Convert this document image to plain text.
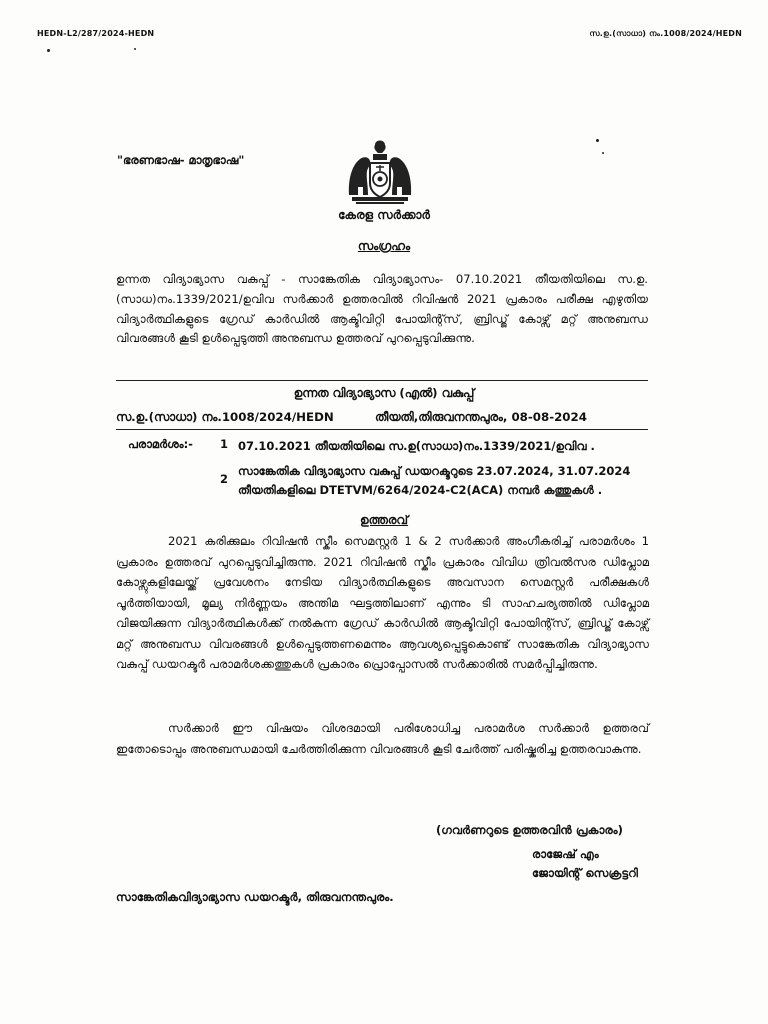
HEDN-L2/287/2024-HEDN	സ.ഉ.(സാധാ) നം.1008/2024/HEDN
"ഭരണഭാഷ- മാതൃഭാഷ"
കേരള സർക്കാർ
സംഗ്രഹം
ഉന്നത വിദ്യാഭ്യാസ വകുപ്പ് - സാങ്കേതിക വിദ്യാഭ്യാസം- 07.10.2021 തീയതിയിലെ സ.ഉ.(സാധ)നം.1339/2021/ഉവിവ സർക്കാർ ഉത്തരവിൽ റിവിഷൻ 2021 പ്രകാരം പരീക്ഷ എഴുതിയ വിദ്യാർത്ഥികളുടെ ഗ്രേഡ് കാർഡിൽ ആക്ടിവിറ്റി പോയിന്റ്സ്, ബ്രിഡ്ജ് കോഴ്സ് മറ്റ് അനുബന്ധ വിവരങ്ങൾ കൂടി ഉൾപ്പെടുത്തി അനുബന്ധ ഉത്തരവ് പുറപ്പെടുവിക്കുന്നു.
ഉന്നത വിദ്യാഭ്യാസ (എൽ) വകുപ്പ്
സ.ഉ.(സാധാ) നം.1008/2024/HEDN	തീയതി,തിരുവനന്തപുരം, 08-08-2024
പരാമർശം:- 1 07.10.2021 തീയതിയിലെ സ.ഉ(സാധാ)നം.1339/2021/ഉവിവ .
2
സാങ്കേതിക വിദ്യാഭ്യാസ വകുപ്പ് ഡയറക്ടറുടെ 23.07.2024, 31.07.2024
തീയതികളിലെ DTETVM/6264/2024-C2(ACA) നമ്പർ കത്തുകൾ .
ഉത്തരവ്
2021 കരിക്കുലം റിവിഷൻ സ്കീം സെമസ്റ്റർ 1 & 2 സർക്കാർ അംഗീകരിച്ച് പരാമർശം 1 പ്രകാരം ഉത്തരവ് പുറപ്പെടുവിച്ചിരുന്നു. 2021 റിവിഷൻ സ്കീം പ്രകാരം വിവിധ ത്രിവൽസര ഡിപ്ലോമ കോഴ്സുകളിലേയ്ക്ക് പ്രവേശനം നേടിയ വിദ്യാർത്ഥികളുടെ അവസാന സെമസ്റ്റർ പരീക്ഷകൾ പൂർത്തിയായി, മൂല്യ നിർണ്ണയം അന്തിമ ഘട്ടത്തിലാണ് എന്നും ടി സാഹചര്യത്തിൽ ഡിപ്ലോമ വിജയിക്കുന്ന വിദ്യാർത്ഥികൾക്ക് നൽകുന്ന ഗ്രേഡ് കാർഡിൽ ആക്ടിവിറ്റി പോയിന്റ്സ്, ബ്രിഡ്ജ് കോഴ്സ് മറ്റ് അനുബന്ധ വിവരങ്ങൾ ഉൾപ്പെടുത്തണമെന്നും ആവശ്യപ്പെട്ടുകൊണ്ട് സാങ്കേതിക വിദ്യാഭ്യാസ വകുപ്പ് ഡയറക്ടർ പരാമർശക്കത്തുകൾ പ്രകാരം പ്രൊപ്പോസൽ സർക്കാരിൽ സമർപ്പിച്ചിരുന്നു.
സർക്കാർ ഈ വിഷയം വിശദമായി പരിശോധിച്ച പരാമർശ സർക്കാർ ഉത്തരവ് ഇതോടൊപ്പം അനുബന്ധമായി ചേർത്തിരിക്കുന്ന വിവരങ്ങൾ കൂടി ചേർത്ത് പരിഷ്കരിച്ച ഉത്തരവാകുന്നു.
(ഗവർണറുടെ ഉത്തരവിൻ പ്രകാരം)
രാജേഷ് എം
ജോയിന്റ് സെക്രട്ടറി
സാങ്കേതികവിദ്യാഭ്യാസ ഡയറക്ടർ, തിരുവനന്തപുരം.
